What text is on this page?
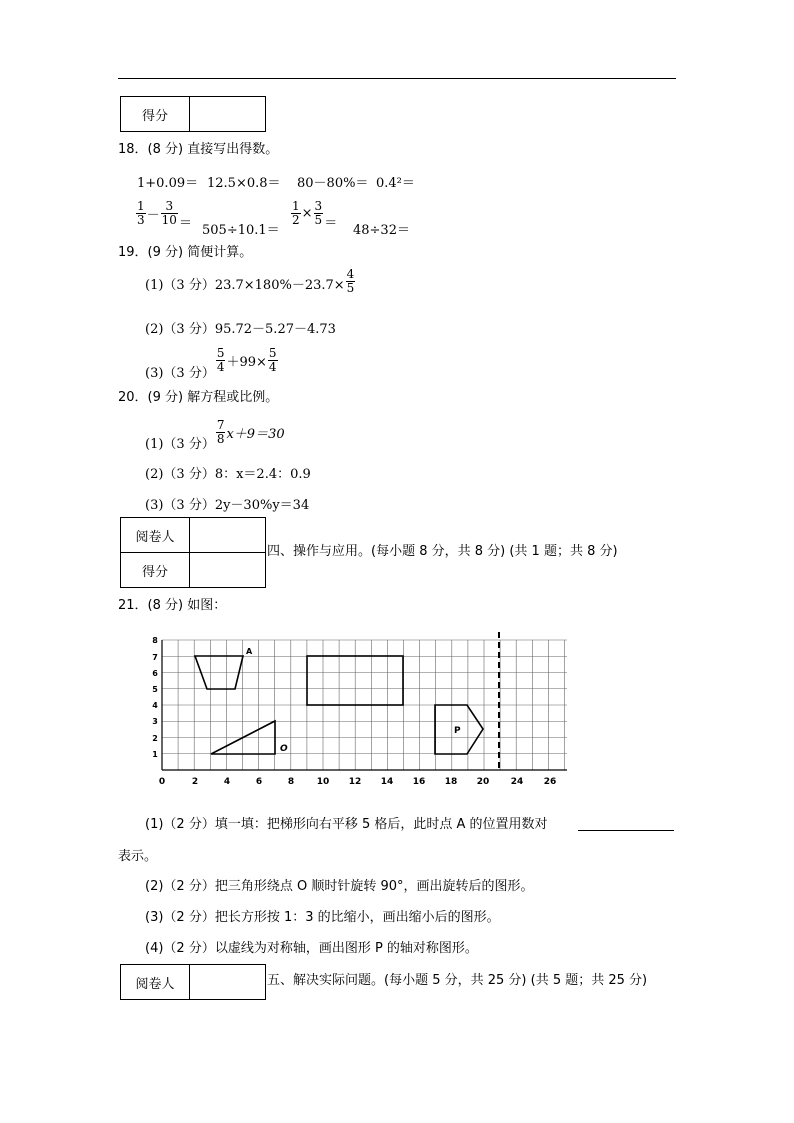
得分	
18．(8 分) 直接写出得数。
1+0.09＝ 12.5×0.8＝ 80－80%＝ 0.4²＝
$\frac{1}{3} - \frac{3}{10} = 505\div 10.1=$
$\frac{1}{2} \times \frac{3}{5} = 48\div 32=$
19．(9 分) 简便计算。
(1)（3 分）$23.7\times 180\%-23.7\times \frac{4}{5}$
(2)（3 分）95.72－5.27－4.73
(3)（3 分） $\frac{5}{4} +99\times \frac{5}{4}$
20．(9 分) 解方程或比例。
(1)（3 分） $\frac{7}{8} x+9=30$
(2)（3 分）8：x＝2.4：0.9
(3)（3 分）2y－30%y＝34
阅卷人	
得分	
四、操作与应用。(每小题 8 分，共 8 分) (共 1 题；共 8 分)
21．(8 分) 如图：
A
O
P
0	2	4	6	8	10 12 14 16 18 20 24 26
1
2
3
4
5
6
7
8
(1)（2 分）填一填：把梯形向右平移 5 格后，此时点 A 的位置用数对
表示。
(2)（2 分）把三角形绕点 O 顺时针旋转 90°，画出旋转后的图形。
(3)（2 分）把长方形按 1：3 的比缩小，画出缩小后的图形。
(4)（2 分）以虚线为对称轴，画出图形 P 的轴对称图形。
阅卷人		五、解决实际问题。(每小题 5 分，共 25 分) (共 5 题；共 25 分)
